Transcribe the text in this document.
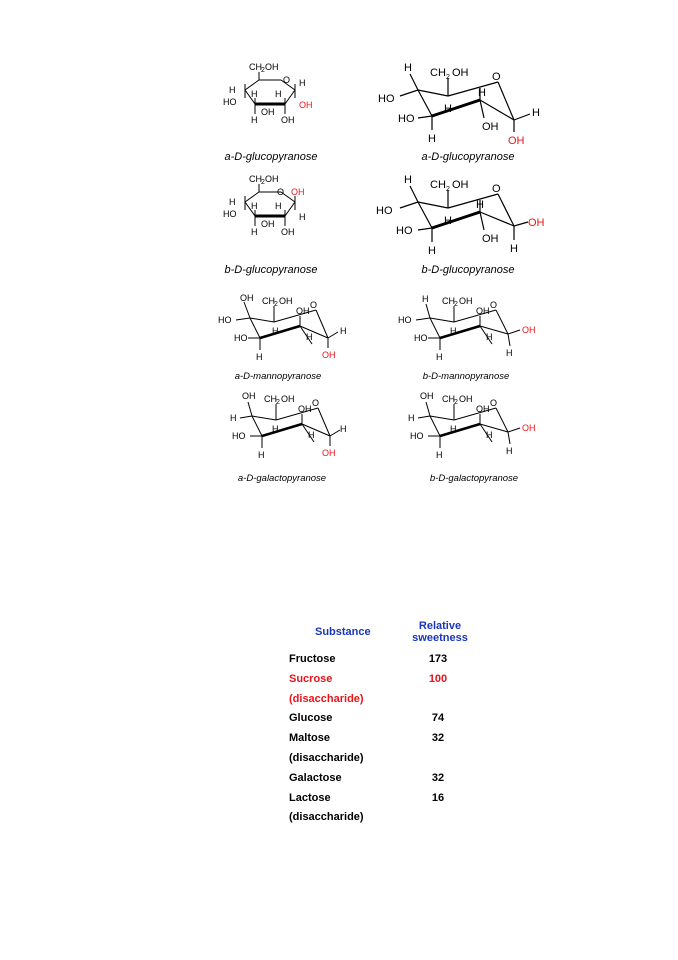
CH 2 OH
O
H
HO
H
H
OH
H
OH
H
OH
a-D-glucopyranose
H CH 2 OH O
HO
H
H
HO
H
OH
H
OH
a-D-glucopyranose
CH 2 OH
O
H
HO
H
H
OH
H
OH
OH
H
b-D-glucopyranose
H CH 2 OH O
HO
H
H
HO
H
OH
OH
H
b-D-glucopyranose
OH CH 2 OH O
HO
H
OH
HO
H
H
H
OH
a-D-mannopyranose
H CH 2 OH O
HO
H
OH
HO
H
H
OH
H
b-D-mannopyranose
OH CH 2 OH O
H
H
OH
HO
H
H
H
OH
a-D-galactopyranose
OH CH 2 OH O
H
H
OH
HO
H
H
OH
H
b-D-galactopyranose
Substance	Relative
sweetness
Fructose	173
Sucrose	100
(disaccharide)
Glucose	74
Maltose	32
(disaccharide)
Galactose	32
Lactose	16
(disaccharide)
